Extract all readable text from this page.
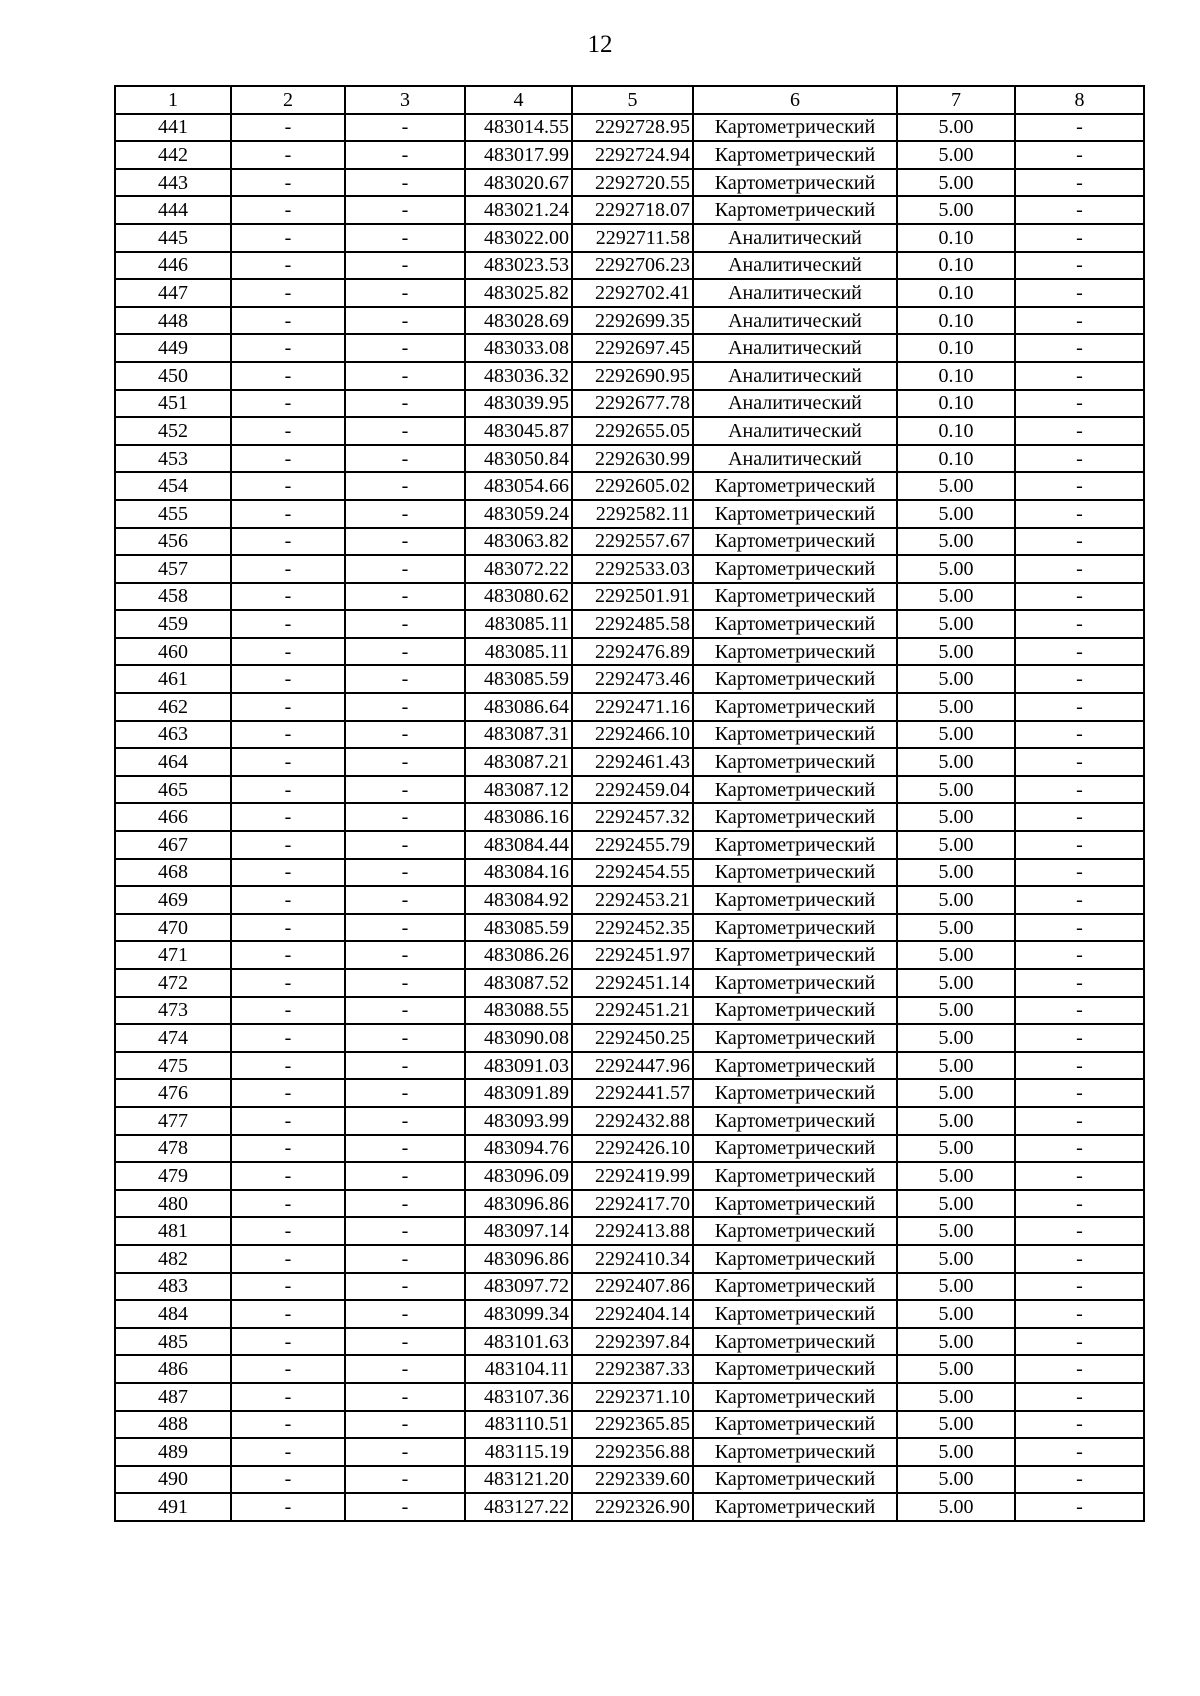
12
1	2	3	4	5	6	7	8
441	-	-	483014.55	2292728.95	Картометрический	5.00	-
442	-	-	483017.99	2292724.94	Картометрический	5.00	-
443	-	-	483020.67	2292720.55	Картометрический	5.00	-
444	-	-	483021.24	2292718.07	Картометрический	5.00	-
445	-	-	483022.00	2292711.58	Аналитический	0.10	-
446	-	-	483023.53	2292706.23	Аналитический	0.10	-
447	-	-	483025.82	2292702.41	Аналитический	0.10	-
448	-	-	483028.69	2292699.35	Аналитический	0.10	-
449	-	-	483033.08	2292697.45	Аналитический	0.10	-
450	-	-	483036.32	2292690.95	Аналитический	0.10	-
451	-	-	483039.95	2292677.78	Аналитический	0.10	-
452	-	-	483045.87	2292655.05	Аналитический	0.10	-
453	-	-	483050.84	2292630.99	Аналитический	0.10	-
454	-	-	483054.66	2292605.02	Картометрический	5.00	-
455	-	-	483059.24	2292582.11	Картометрический	5.00	-
456	-	-	483063.82	2292557.67	Картометрический	5.00	-
457	-	-	483072.22	2292533.03	Картометрический	5.00	-
458	-	-	483080.62	2292501.91	Картометрический	5.00	-
459	-	-	483085.11	2292485.58	Картометрический	5.00	-
460	-	-	483085.11	2292476.89	Картометрический	5.00	-
461	-	-	483085.59	2292473.46	Картометрический	5.00	-
462	-	-	483086.64	2292471.16	Картометрический	5.00	-
463	-	-	483087.31	2292466.10	Картометрический	5.00	-
464	-	-	483087.21	2292461.43	Картометрический	5.00	-
465	-	-	483087.12	2292459.04	Картометрический	5.00	-
466	-	-	483086.16	2292457.32	Картометрический	5.00	-
467	-	-	483084.44	2292455.79	Картометрический	5.00	-
468	-	-	483084.16	2292454.55	Картометрический	5.00	-
469	-	-	483084.92	2292453.21	Картометрический	5.00	-
470	-	-	483085.59	2292452.35	Картометрический	5.00	-
471	-	-	483086.26	2292451.97	Картометрический	5.00	-
472	-	-	483087.52	2292451.14	Картометрический	5.00	-
473	-	-	483088.55	2292451.21	Картометрический	5.00	-
474	-	-	483090.08	2292450.25	Картометрический	5.00	-
475	-	-	483091.03	2292447.96	Картометрический	5.00	-
476	-	-	483091.89	2292441.57	Картометрический	5.00	-
477	-	-	483093.99	2292432.88	Картометрический	5.00	-
478	-	-	483094.76	2292426.10	Картометрический	5.00	-
479	-	-	483096.09	2292419.99	Картометрический	5.00	-
480	-	-	483096.86	2292417.70	Картометрический	5.00	-
481	-	-	483097.14	2292413.88	Картометрический	5.00	-
482	-	-	483096.86	2292410.34	Картометрический	5.00	-
483	-	-	483097.72	2292407.86	Картометрический	5.00	-
484	-	-	483099.34	2292404.14	Картометрический	5.00	-
485	-	-	483101.63	2292397.84	Картометрический	5.00	-
486	-	-	483104.11	2292387.33	Картометрический	5.00	-
487	-	-	483107.36	2292371.10	Картометрический	5.00	-
488	-	-	483110.51	2292365.85	Картометрический	5.00	-
489	-	-	483115.19	2292356.88	Картометрический	5.00	-
490	-	-	483121.20	2292339.60	Картометрический	5.00	-
491	-	-	483127.22	2292326.90	Картометрический	5.00	-
